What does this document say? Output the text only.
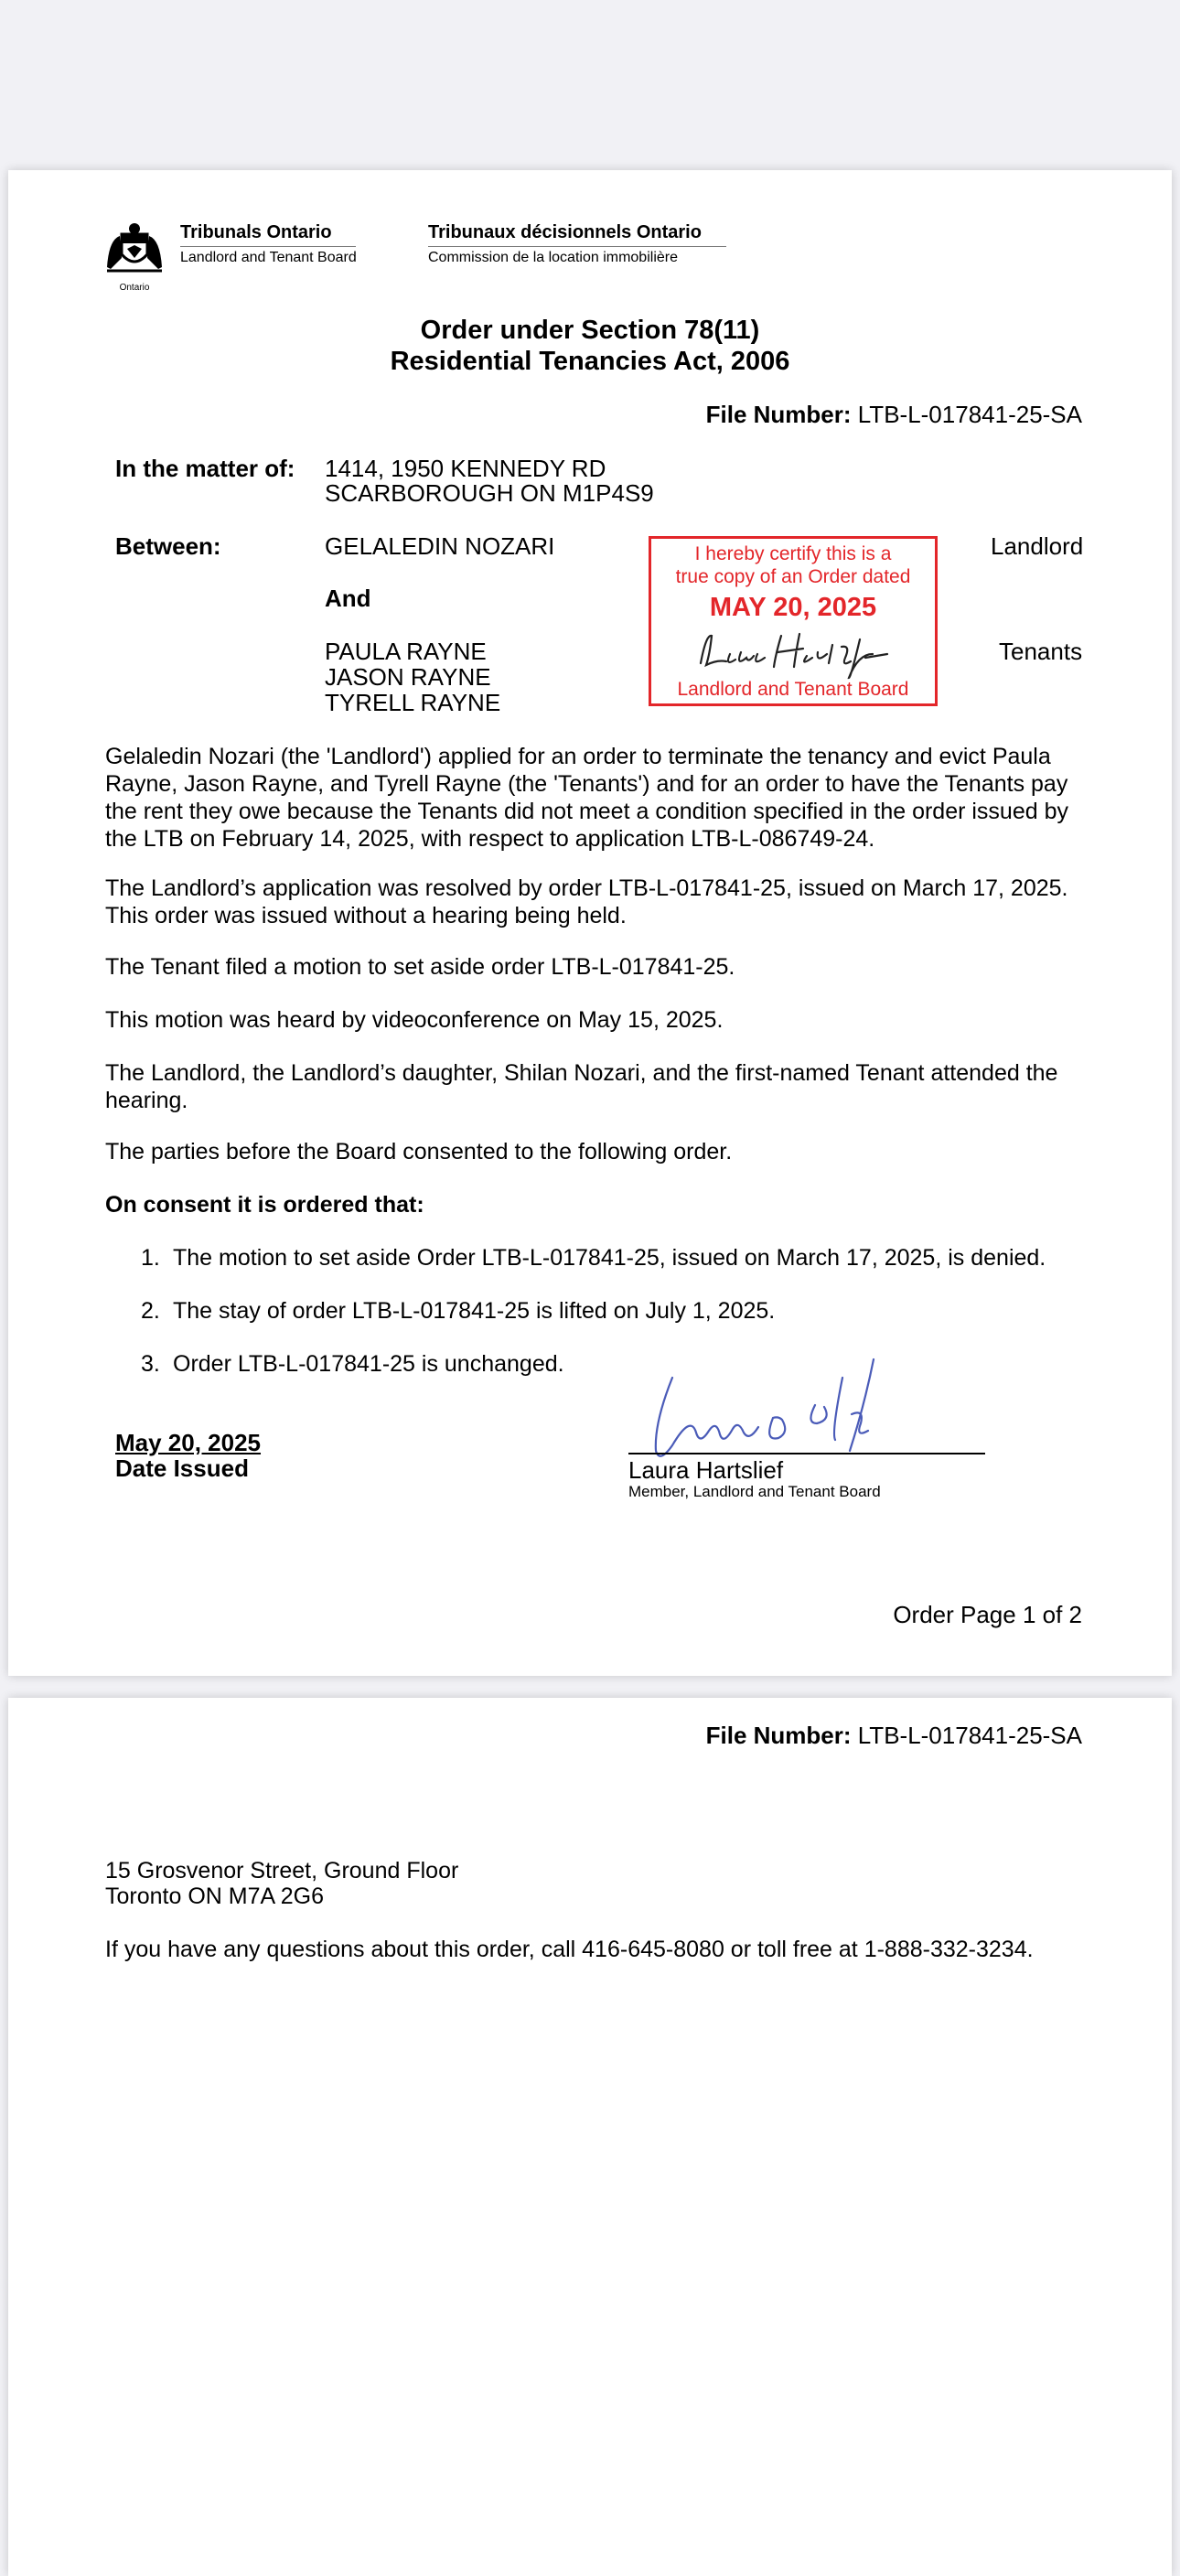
Ontario
Tribunals Ontario
Landlord and Tenant Board
Tribunaux décisionnels Ontario
Commission de la location immobilière
Order under Section 78(11)
Residential Tenancies Act, 2006
File Number: LTB-L-017841-25-SA
In the matter of: 1414, 1950 KENNEDY RD
SCARBOROUGH ON M1P4S9
Between:	GELALEDIN NOZARI	Landlord
And
PAULA RAYNE
JASON RAYNE
TYRELL RAYNE
Tenants
I hereby certify this is a
true copy of an Order dated
MAY 20, 2025
Landlord and Tenant Board
Gelaledin Nozari (the 'Landlord') applied for an order to terminate the tenancy and evict Paula Rayne, Jason Rayne, and Tyrell Rayne (the 'Tenants') and for an order to have the Tenants pay the rent they owe because the Tenants did not meet a condition specified in the order issued by the LTB on February 14, 2025, with respect to application LTB-L-086749-24.
The Landlord’s application was resolved by order LTB-L-017841-25, issued on March 17, 2025. This order was issued without a hearing being held.
The Tenant filed a motion to set aside order LTB-L-017841-25.
This motion was heard by videoconference on May 15, 2025.
The Landlord, the Landlord’s daughter, Shilan Nozari, and the first-named Tenant attended the hearing.
The parties before the Board consented to the following order.
On consent it is ordered that:
1. The motion to set aside Order LTB-L-017841-25, issued on March 17, 2025, is denied.
2. The stay of order LTB-L-017841-25 is lifted on July 1, 2025.
3. Order LTB-L-017841-25 is unchanged.
May 20, 2025
Date Issued	Laura Hartslief
Member, Landlord and Tenant Board
Order Page 1 of 2
File Number: LTB-L-017841-25-SA
15 Grosvenor Street, Ground Floor
Toronto ON M7A 2G6
If you have any questions about this order, call 416-645-8080 or toll free at 1-888-332-3234.
